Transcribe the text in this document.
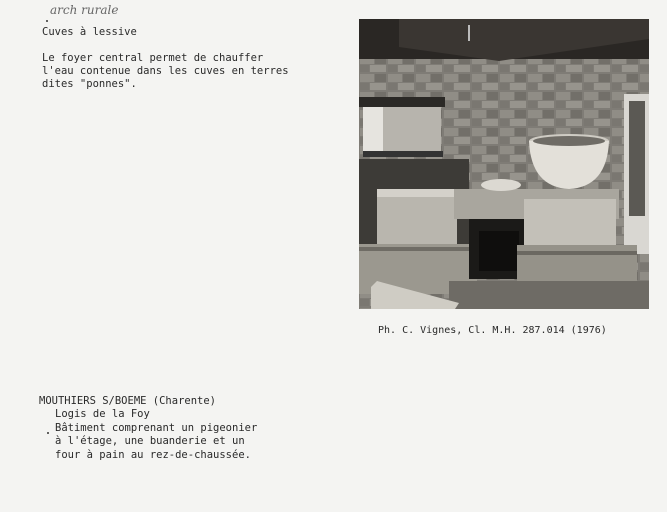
arch rurale
Cuves à lessive
Le foyer central permet de chauffer
l'eau contenue dans les cuves en terres
dites "ponnes".
Ph. C. Vignes, Cl. M.H. 287.014 (1976)
MOUTHIERS S/BOEME (Charente)
Logis de la Foy
Bâtiment comprenant un pigeonier
à l'étage, une buanderie et un
four à pain au rez-de-chaussée.
